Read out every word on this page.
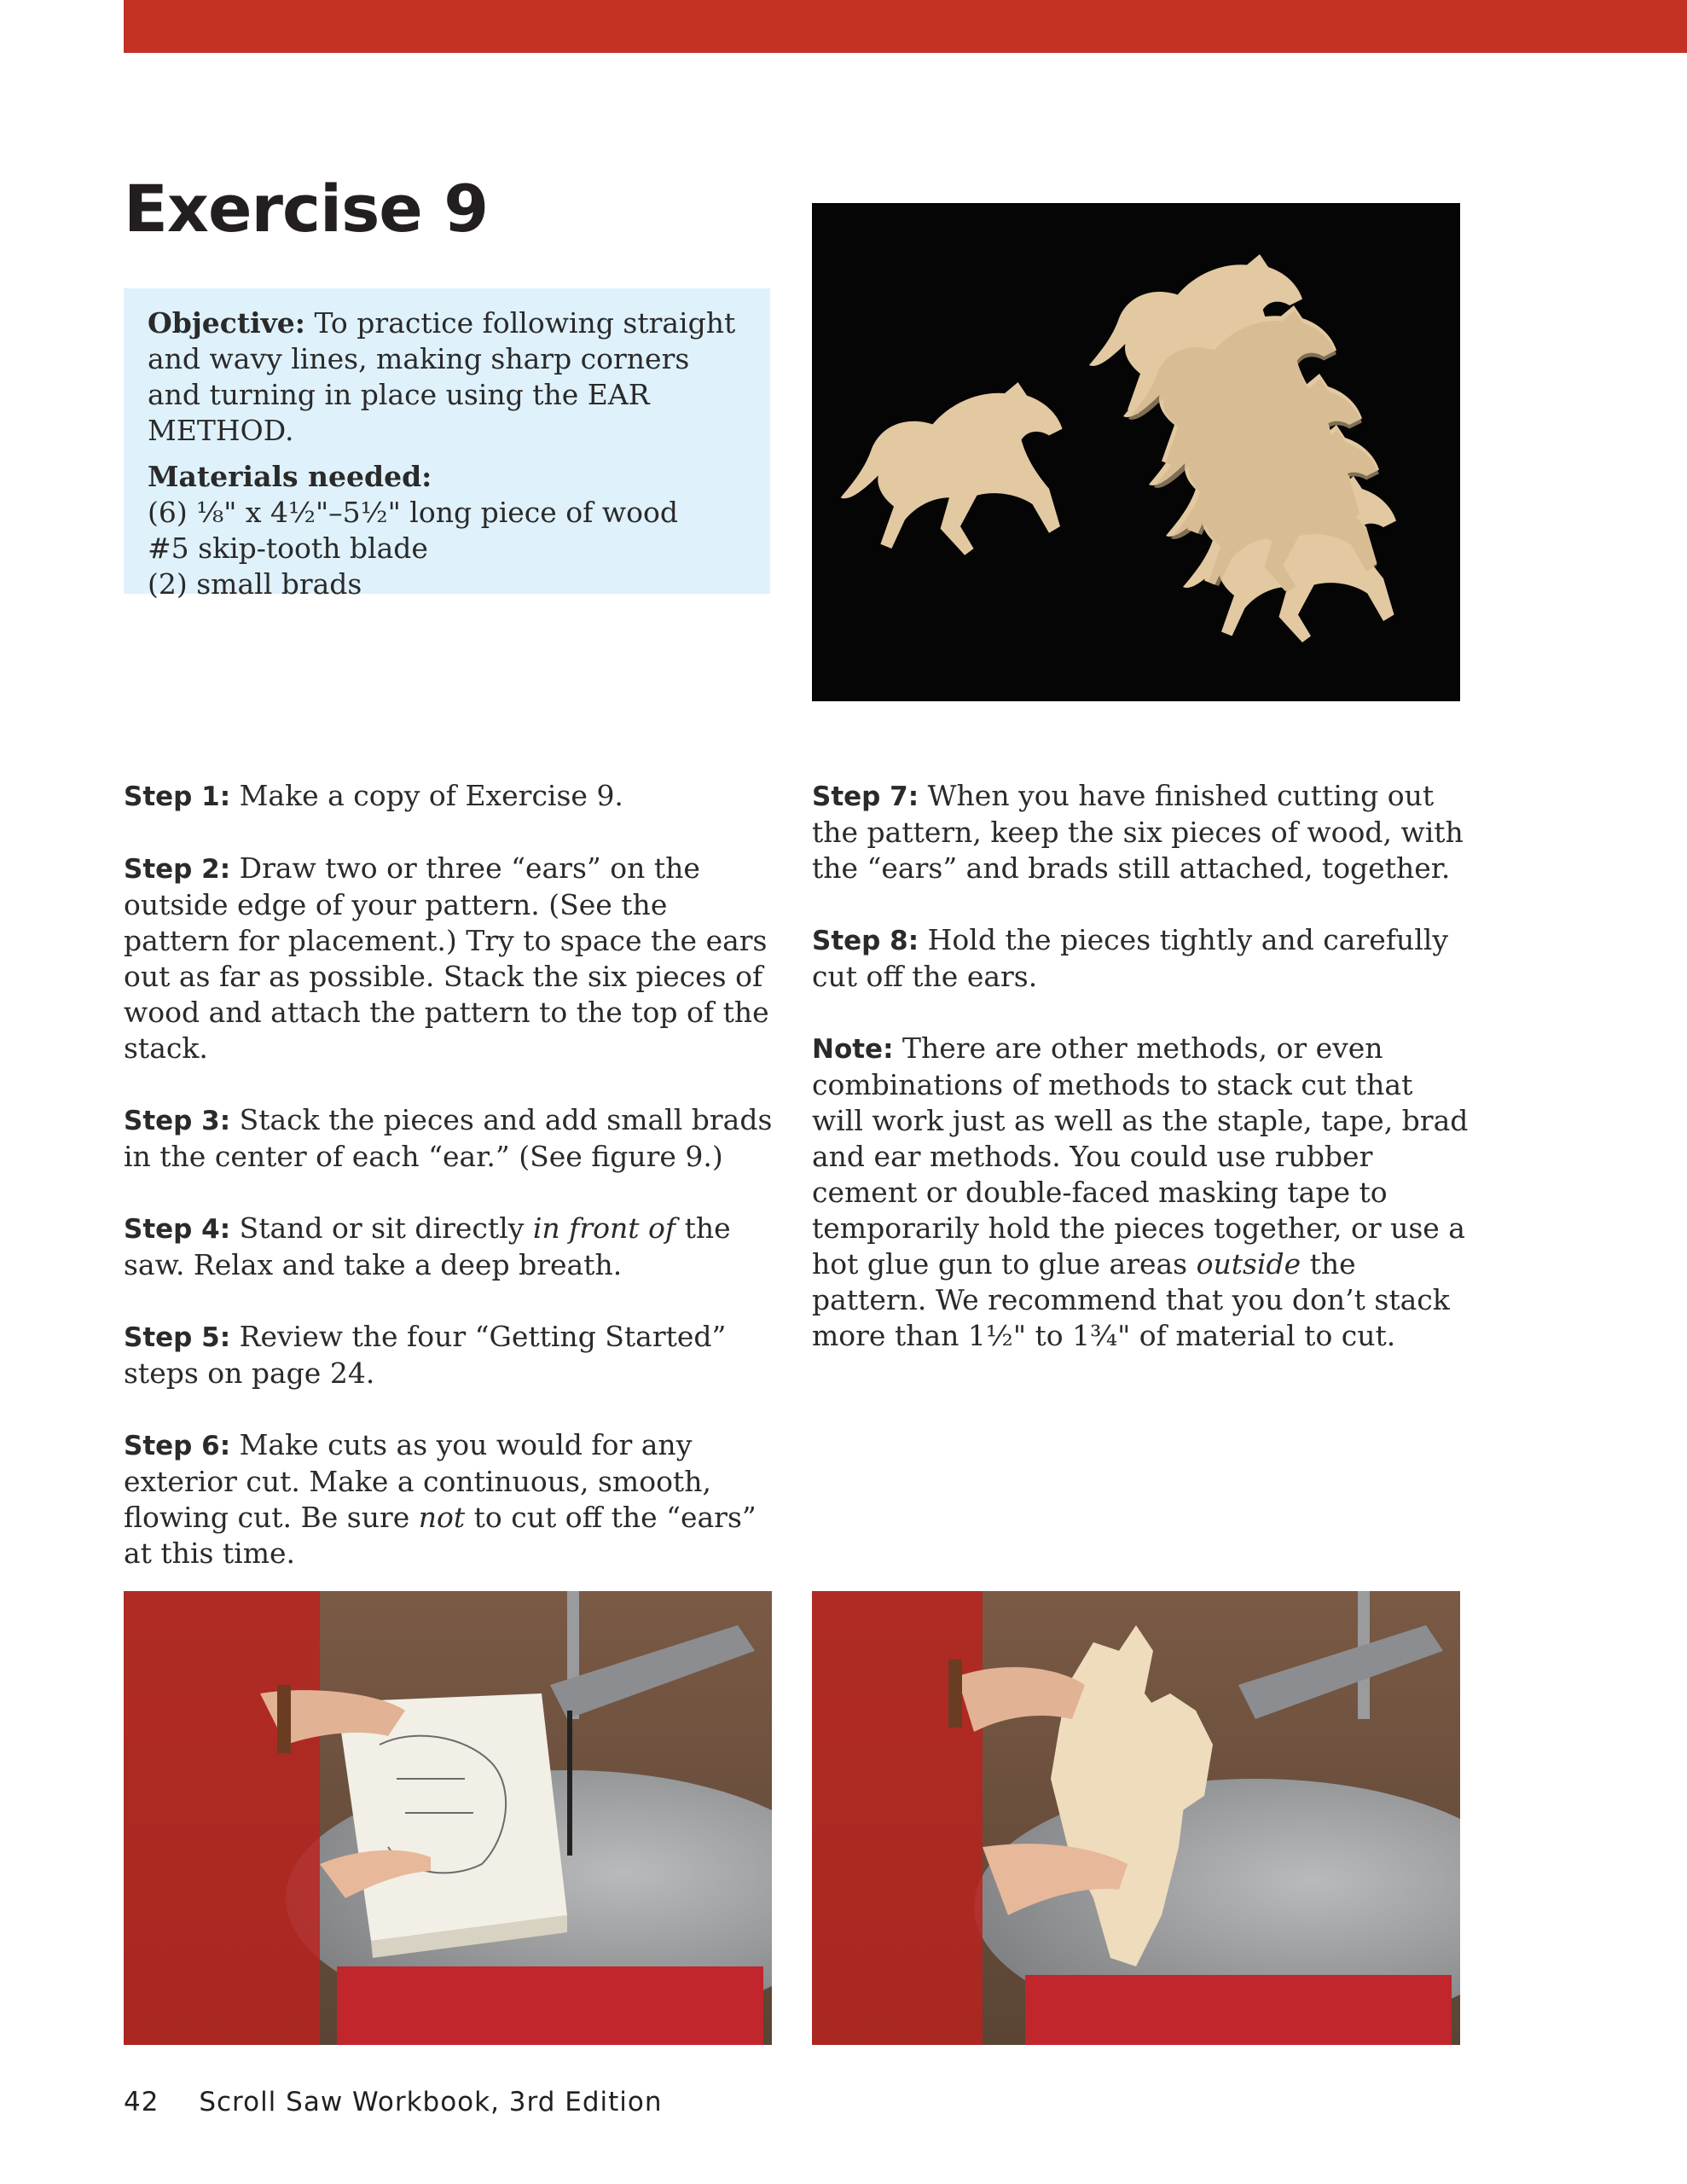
Exercise 9

Objective: To practice following straight and wavy lines, making sharp corners and turning in place using the EAR METHOD.

Materials needed:

(6) ⅛" x 4½"–5½" long piece of wood

#5 skip-tooth blade

(2) small brads

Step 1: Make a copy of Exercise 9.

Step 2: Draw two or three “ears” on the outside edge of your pattern. (See the pattern for placement.) Try to space the ears out as far as possible. Stack the six pieces of wood and attach the pattern to the top of the stack.

Step 3: Stack the pieces and add small brads in the center of each “ear.” (See figure 9.)

Step 4: Stand or sit directly in front of the saw. Relax and take a deep breath.

Step 5: Review the four “Getting Started” steps on page 24.

Step 6: Make cuts as you would for any exterior cut. Make a continuous, smooth, flowing cut. Be sure not to cut off the “ears” at this time.

Step 7: When you have finished cutting out the pattern, keep the six pieces of wood, with the “ears” and brads still attached, together.

Step 8: Hold the pieces tightly and carefully cut off the ears.

Note: There are other methods, or even combinations of methods to stack cut that will work just as well as the staple, tape, brad and ear methods. You could use rubber cement or double-faced masking tape to temporarily hold the pieces together, or use a hot glue gun to glue areas outside the pattern. We recommend that you don’t stack more than 1½" to 1¾" of material to cut.

42 Scroll Saw Workbook, 3rd Edition
